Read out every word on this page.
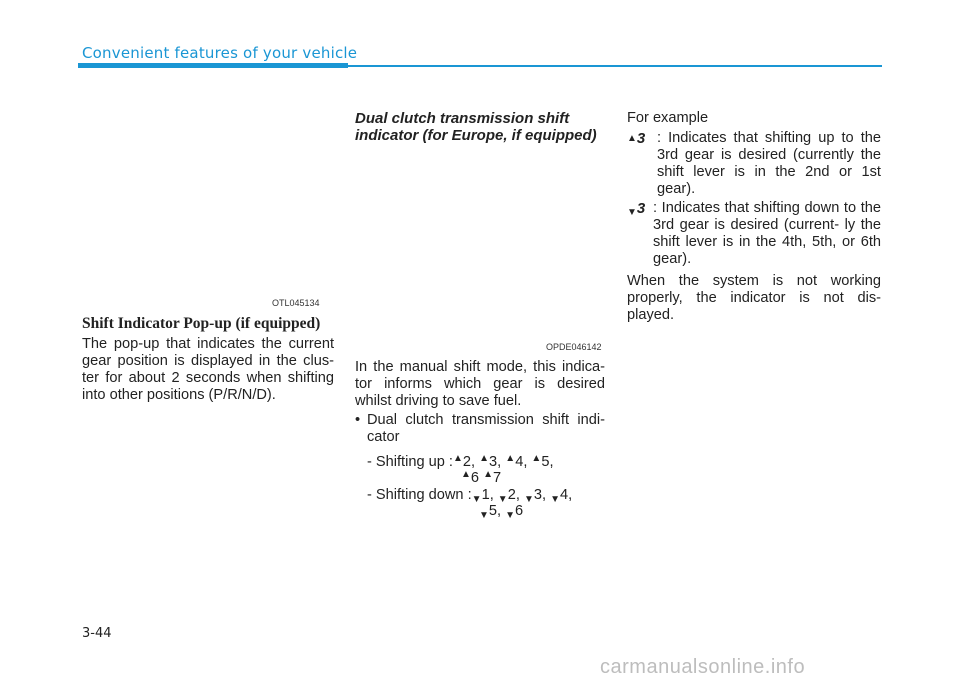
Convenient features of your vehicle
OTL045134
Shift Indicator Pop-up (if equipped)

The pop-up that indicates the current gear position is displayed in the clus- ter for about 2 seconds when shifting into other positions (P/R/N/D).

Dual clutch transmission shift
indicator (for Europe, if equipped)
OPDE046142

In the manual shift mode, this indica- tor informs which gear is desired whilst driving to save fuel.

• Dual clutch transmission shift indi- cator
- Shifting up :▲2, ▲3, ▲4, ▲5,
▲6 ▲7
- Shifting down :▼1, ▼2, ▼3, ▼4,
▼5, ▼6
For example
▲3 : Indicates that shifting up to the 3rd gear is desired (currently the shift lever is in the 2nd or 1st gear).
▼3 : Indicates that shifting down to the 3rd gear is desired (current- ly the shift lever is in the 4th, 5th, or 6th gear).

When the system is not working properly, the indicator is not dis- played.

3-44
carmanualsonline.info
